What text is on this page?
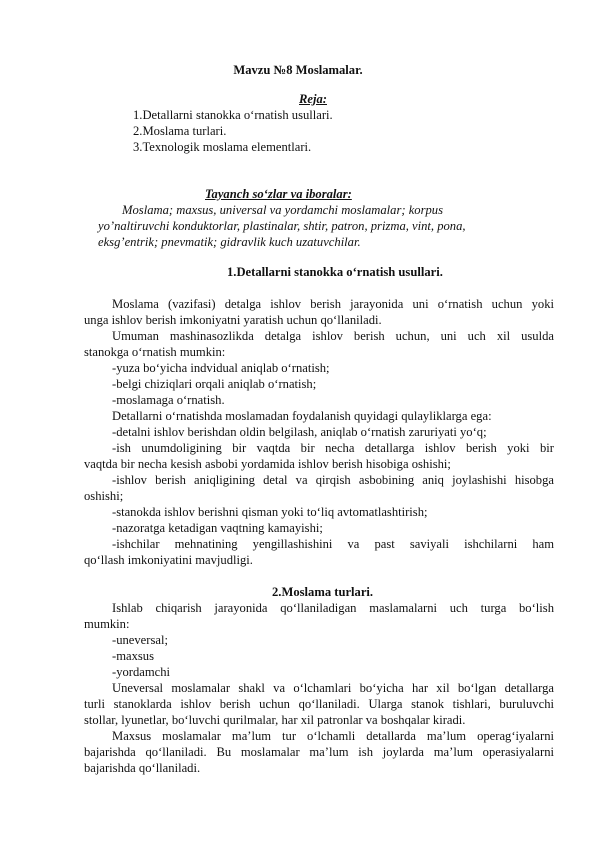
Mavzu №8 Moslamalar.
Reja:
1.Detallarni stanokka o‘rnatish usullari.
2.Moslama turlari.
3.Texnologik moslama elementlari.
Tayanch so‘zlar va iboralar:
Moslama; maxsus, universal va yordamchi moslamalar; korpus
yo’naltiruvchi konduktorlar, plastinalar, shtir, patron, prizma, vint, pona,
eksg’entrik; pnevmatik; gidravlik kuch uzatuvchilar.
1.Detallarni stanokka o‘rnatish usullari.
Moslama (vazifasi) detalga ishlov berish jarayonida uni o‘rnatish uchun yoki
unga ishlov berish imkoniyatni yaratish uchun qo‘llaniladi.
Umuman mashinasozlikda detalga ishlov berish uchun, uni uch xil usulda
stanokga o‘rnatish mumkin:
-yuza bo‘yicha indvidual aniqlab o‘rnatish;
-belgi chiziqlari orqali aniqlab o‘rnatish;
-moslamaga o‘rnatish.
Detallarni o‘rnatishda moslamadan foydalanish quyidagi qulayliklarga ega:
-detalni ishlov berishdan oldin belgilash, aniqlab o‘rnatish zaruriyati yo‘q;
-ish unumdoligining bir vaqtda bir necha detallarga ishlov berish yoki bir
vaqtda bir necha kesish asbobi yordamida ishlov berish hisobiga oshishi;
-ishlov berish aniqligining detal va qirqish asbobining aniq joylashishi hisobga
oshishi;
-stanokda ishlov berishni qisman yoki to‘liq avtomatlashtirish;
-nazoratga ketadigan vaqtning kamayishi;
-ishchilar mehnatining yengillashishini va past saviyali ishchilarni ham
qo‘llash imkoniyatini mavjudligi.
2.Moslama turlari.
Ishlab chiqarish jarayonida qo‘llaniladigan maslamalarni uch turga bo‘lish
mumkin:
-uneversal;
-maxsus
-yordamchi
Uneversal moslamalar shakl va o‘lchamlari bo‘yicha har xil bo‘lgan detallarga
turli stanoklarda ishlov berish uchun qo‘llaniladi. Ularga stanok tishlari, buruluvchi
stollar, lyunetlar, bo‘luvchi qurilmalar, har xil patronlar va boshqalar kiradi.
Maxsus moslamalar ma’lum tur o‘lchamli detallarda ma’lum operag‘iyalarni
bajarishda qo‘llaniladi. Bu moslamalar ma’lum ish joylarda ma’lum operasiyalarni
bajarishda qo‘llaniladi.
